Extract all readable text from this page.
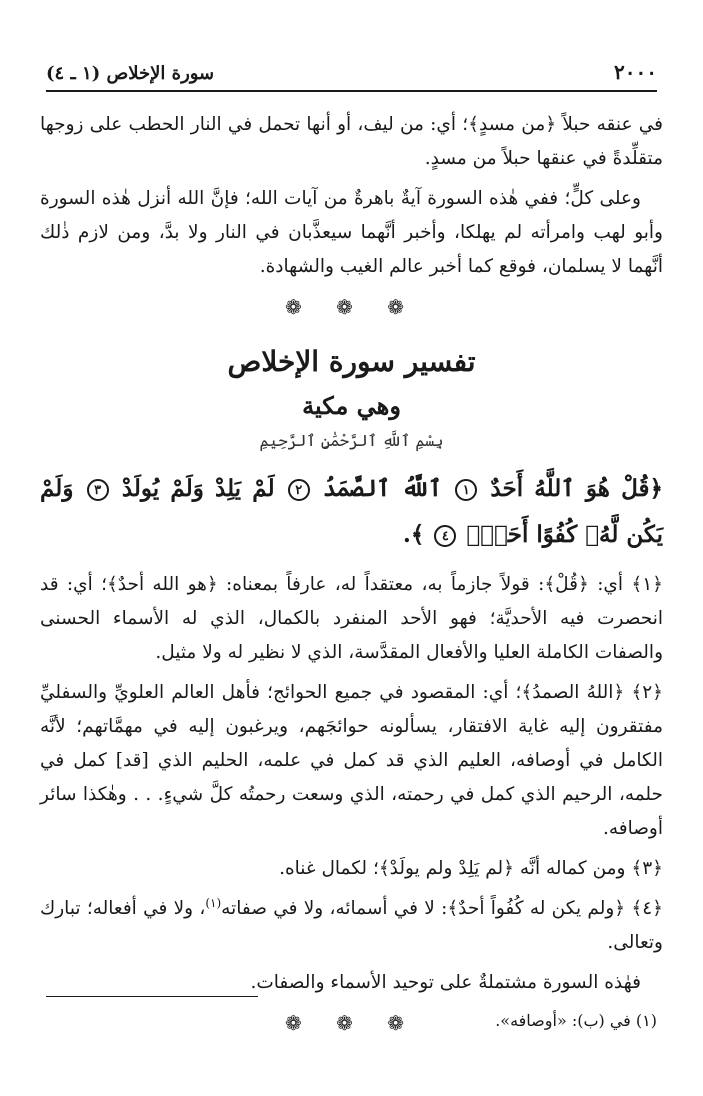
٢٠٠٠
سورة الإخلاص (١ ـ ٤)

في عنقه حبلاً ﴿من مسدٍ﴾؛ أي: من ليف، أو أنها تحمل في النار الحطب على زوجها متقلِّدةً في عنقها حبلاً من مسدٍ.

وعلى كلٍّ؛ ففي هٰذه السورة آيةٌ باهرةٌ من آيات الله؛ فإنَّ الله أنزل هٰذه السورة وأبو لهب وامرأته لم يهلكا، وأخبر أنَّهما سيعذَّبان في النار ولا بدَّ، ومن لازم ذٰلك أنَّهما لا يسلمان، فوقع كما أخبر عالم الغيب والشهادة.

❁ ❁ ❁
تفسير سورة الإخلاص
وهي مكية
بِسْمِ ٱللَّهِ ٱلرَّحْمَٰنِ ٱلرَّحِيمِ
﴿قُلْ هُوَ ٱللَّهُ أَحَدٌ ١ ٱللَّهُ ٱلصَّمَدُ ٢ لَمْ يَلِدْ وَلَمْ يُولَدْ ٣ وَلَمْ يَكُن لَّهُۥ كُفُوًا أَحَدٌۢ ٤ ﴾.

﴿١﴾ أي: ﴿قُلْ﴾: قولاً جازماً به، معتقداً له، عارفاً بمعناه: ﴿هو الله أحدٌ﴾؛ أي: قد انحصرت فيه الأحديَّة؛ فهو الأحد المنفرد بالكمال، الذي له الأسماء الحسنى والصفات الكاملة العليا والأفعال المقدَّسة، الذي لا نظير له ولا مثيل.

﴿٢﴾ ﴿اللهُ الصمدُ﴾؛ أي: المقصود في جميع الحوائج؛ فأهل العالم العلويِّ والسفليِّ مفتقرون إليه غاية الافتقار، يسألونه حوائجَهم، ويرغبون إليه في مهمَّاتهم؛ لأنَّه الكامل في أوصافه، العليم الذي قد كمل في علمه، الحليم الذي [قد] كمل في حلمه، الرحيم الذي كمل في رحمته، الذي وسعت رحمتُه كلَّ شيءٍ. . . وهٰكذا سائر أوصافه.

﴿٣﴾ ومن كماله أنَّه ﴿لم يَلِدْ ولم يولَدْ﴾؛ لكمال غناه.

﴿٤﴾ ﴿ولم يكن له كُفُواً أحدٌ﴾: لا في أسمائه، ولا في صفاته$^{(١)}$، ولا في أفعاله؛ تبارك وتعالى.

فهٰذه السورة مشتملةٌ على توحيد الأسماء والصفات.

❁ ❁ ❁	(١) في (ب): «أوصافه».
